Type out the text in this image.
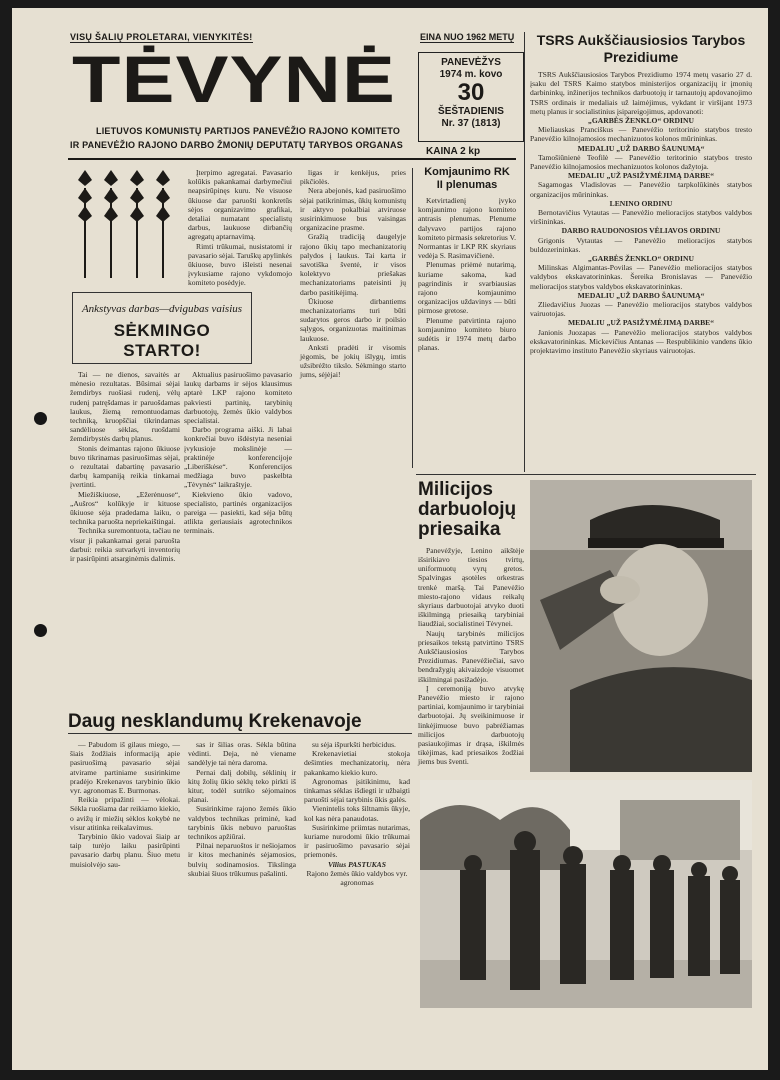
VISŲ ŠALIŲ PROLETARAI, VIENYKITĖS!
TĖVYNĖ
LIETUVOS KOMUNISTŲ PARTIJOS PANEVĖŽIO RAJONO KOMITETO
IR PANEVĖŽIO RAJONO DARBO ŽMONIŲ DEPUTATŲ TARYBOS ORGANAS
EINA NUO 1962 METŲ
PANEVĖŽYS
1974 m. kovo
30
ŠEŠTADIENIS
Nr. 37 (1813)
KAINA 2 kp
Ankstyvas darbas—dvigubas vaisius
SĖKMINGO STARTO!

Tai — ne dienos, savaitės ar mėnesio rezultatas. Būsimai sėjai žemdirbys ruošiasi rudenį, vėlų rudenį patręšdamas ir paruošdamas laukus, žiemą remontuodamas techniką, kruopščiai tikrindamas sandėliuose sėklas, ruošdami žemdirbystės darbų planus.

Stonis deimantas rajono ūkiuose buvo tikrinamas pasiruošimas sėjai, o rezultatai dabartinę pavasario darbų kampaniją reikia tinkamai įvertinti.

Miežiškiuose, „Ežerėnuose“, „Aušros“ kolūkyje ir kituose ūkiuose sėja pradedama laiku, o technika paruošta nepriekaištingai.

Technika suremontuota, tačiau ne visur ji pakankamai gerai paruošta darbui: reikia sutvarkyti inventorių ir pasirūpinti atsarginėmis dalimis.

Įterpimo agregatai. Pavasario kolūkis pakankamai darbymečiui neapsirūpinęs kuru. Ne visuose ūkiuose dar paruošti konkretūs sėjos organizavimo grafikai, detaliai numatant specialistų darbus, laukuose dirbančių agregatų aptarnavimą.

Rimti trūkumai, nusistatomi ir pavasario sėjai. Taruškų apylinkės ūkiuose, buvo išleisti nesenai įvykusiame rajono vykdomojo komiteto posėdyje.

Aktualius pasiruošimo pavasario laukų darbams ir sėjos klausimus aptarė LKP rajono komiteto pakviesti partinių, tarybinių darbuotojų, žemės ūkio valdybos specialistai.

Darbo programa aiški. Ji labai konkrečiai buvo išdėstyta neseniai įvykusioje mokslinėje — praktinėje konferencijoje „Liberiškėse“. Konferencijos medžiaga buvo paskelbta „Tėvynės“ laikraštyje.

Kiekvieno ūkio vadovo, specialisto, partinės organizacijos pareiga — pasiekti, kad sėja būtų atlikta geriausiais agrotechnikos terminais.

ligas ir kenkėjus, pries pikčiolės.

Nera abejonės, kad pasiruošimo sėjai patikrinimas, ūkių komunistų ir aktyvo pokalbiai atviruose susirinkimuose bus vaisingas organizacine prasme.

Gražią tradiciją daugelyje rajono ūkių tapo mechanizatorių palydos į laukus. Tai karta ir savotiška šventė, ir visos kolektyvo priešakas mechanizatoriams pateisinti jų darbo pasitikėjimą.

Ūkiuose dirbantiems mechanizatoriams turi būti sudarytos geros darbo ir poilsio sąlygos, organizuotas maitinimas laukuose.

Anksti pradėti ir visomis jėgomis, be jokių išlygų, imtis užsibrėžto tikslo. Sėkmingo starto jums, sėjėjai!

Komjaunimo RK
II plenumas

Ketvirtadienį įvyko komjaunimo rajono komiteto antrasis plenumas. Plenume dalyvavo partijos rajono komiteto pirmasis sekretorius V. Normantas ir LKP RK skyriaus vedėja S. Rasimavičienė.

Plenumas priėmė nutarimą, kuriame sakoma, kad pagrindinis ir svarbiausias rajono komjaunimo organizacijos uždavinys — būti pirmose gretose.

Plenume patvirtinta rajono komjaunimo komiteto biuro sudėtis ir 1974 metų darbo planas.

TSRS Aukščiausiosios Tarybos Prezidiume

TSRS Aukščiausiosios Tarybos Prezidiumo 1974 metų vasario 27 d. įsaku del TSRS Kaimo statybos ministerijos organizacijų ir įmonių darbininkų, inžinerijos technikos darbuotojų ir tarnautojų apdovanojimo TSRS ordinais ir medaliais už laimėjimus, vykdant ir viršijant 1973 metų planus ir socialistinius įsipareigojimus, apdovanoti:

„GARBĖS ŽENKLO“ ORDINU

Mieliauskas Pranciškus — Panevėžio teritorinio statybos tresto Panevėžio kilnojamosios mechanizuotos kolonos mūrininkas.

MEDALIU „UŽ DARBO ŠAUNUMĄ“

Tamošiūnienė Teofilė — Panevėžio teritorinio statybos tresto Panevėžio kilnojamosios mechanizuotos kolonos dažytoja.

MEDALIU „UŽ PASIŽYMĖJIMĄ DARBE“

Sagamogas Vladislovas — Panevėžio tarpkolūkinės statybos organizacijos mūrininkas.

LENINO ORDINU

Bernotavičius Vytautas — Panevėžio melioracijos statybos valdybos viršininkas.

DARBO RAUDONOSIOS VĖLIAVOS ORDINU

Grigonis Vytautas — Panevėžio melioracijos statybos buldozerininkas.

„GARBĖS ŽENKLO“ ORDINU

Milinskas Algimantas-Povilas — Panevėžio melioracijos statybos valdybos ekskavatorininkas. Šereika Bronislavas — Panevėžio melioracijos statybos valdybos ekskavatorininkas.

MEDALIU „UŽ DARBO ŠAUNUMĄ“

Zliedavičius Juozas — Panevėžio melioracijos statybos valdybos vairuotojas.

MEDALIU „UŽ PASIŽYMĖJIMĄ DARBE“

Janionis Juozapas — Panevėžio melioracijos statybos valdybos ekskavatorininkas. Mickevičius Antanas — Respublikinio vandens ūkio projektavimo instituto Panevėžio skyriaus vairuotojas.

Milicijos darbuolojų priesaika

Panevėžyje, Lenino aikštėje išsirikiavo tiesios tvirtų, uniformuotų vyrų gretos. Spalvingas ąsotėles orkestras trenkė maršą. Tai Panevėžio miesto-rajono vidaus reikalų skyriaus darbuotojai atvyko duoti iškilmingą priesaiką tarybiniai liaudžiai, socialistinei Tėvynei.

Naujų tarybinės milicijos priesaikos tekstą patvirtino TSRS Aukščiausiosios Tarybos Prezidiumas. Panevėžiečiai, savo bendražygių akivaizdoje visuomet iškilmingai pasižadėjo.

Į ceremoniją buvo atvykę Panevėžio miesto ir rajono partiniai, komjaunimo ir tarybiniai darbuotojai. Jų sveikinimuose ir linkėjimuose buvo pabrėžiamas milicijos darbuotojų pasiaukojimas ir drąsa, iškilmės tikėjimas, kad priesaikos žodžiai jiems bus šventi.

Daug nesklandumų Krekenavoje

— Pabudom iš gilaus miego, — šiais žodžiais informaciją apie pasiruošimą pavasario sėjai atvirame partiniame susirinkime pradėjo Krekenavos tarybinio ūkio vyr. agronomas E. Burmonas.

Reikia pripažinti — vėlokai. Sėkla ruošiama dar reikiamo kiekio, o avižų ir miežių sėklos kokybė ne visur atitinka reikalavimus.

Tarybinio ūkio vadovai šiaip ar taip turėjo laiku pasirūpinti pavasario darbų planu. Šiuo metu muisiolvėjo sau-

sas ir šilias oras. Sėkla būtina vėdinti. Deja, nė viename sandėlyje tai nėra daroma.

Pernai dalį dobilų, sėklinių ir kitų žolių ūkio sėklų teko pirkti iš kitur, todėl sutriko sėjomainos planai.

Susirinkime rajono žemės ūkio valdybos technikas priminė, kad tarybinis ūkis nebuvo paruoštas technikos apžiūrai.

Pilnai neparuoštos ir nešiojamos ir kitos mechaninės sėjamosios, bulvių sodinamosios. Tikslinga skubiai šiuos trūkumus pašalinti.

su sėja išpurkšti herbicidus.

Krekenavietiai stokoja dešimties mechanizatorių, nėra pakankamo kiekio kuro.

Agronomas įsitikinimu, kad tinkamas sėklas išdiegti ir užbaigti paruošti sėjai tarybinis ūkis galės.

Vienintelis toks šiltnamis ūkyje, kol kas nėra panaudotas.

Susirinkime priimtas nutarimas, kuriame nurodomi ūkio trūkumai ir pasiruošimo pavasario sėjai priemonės.

Vilius PASTUKAS
Rajono žemės ūkio valdybos vyr. agronomas
